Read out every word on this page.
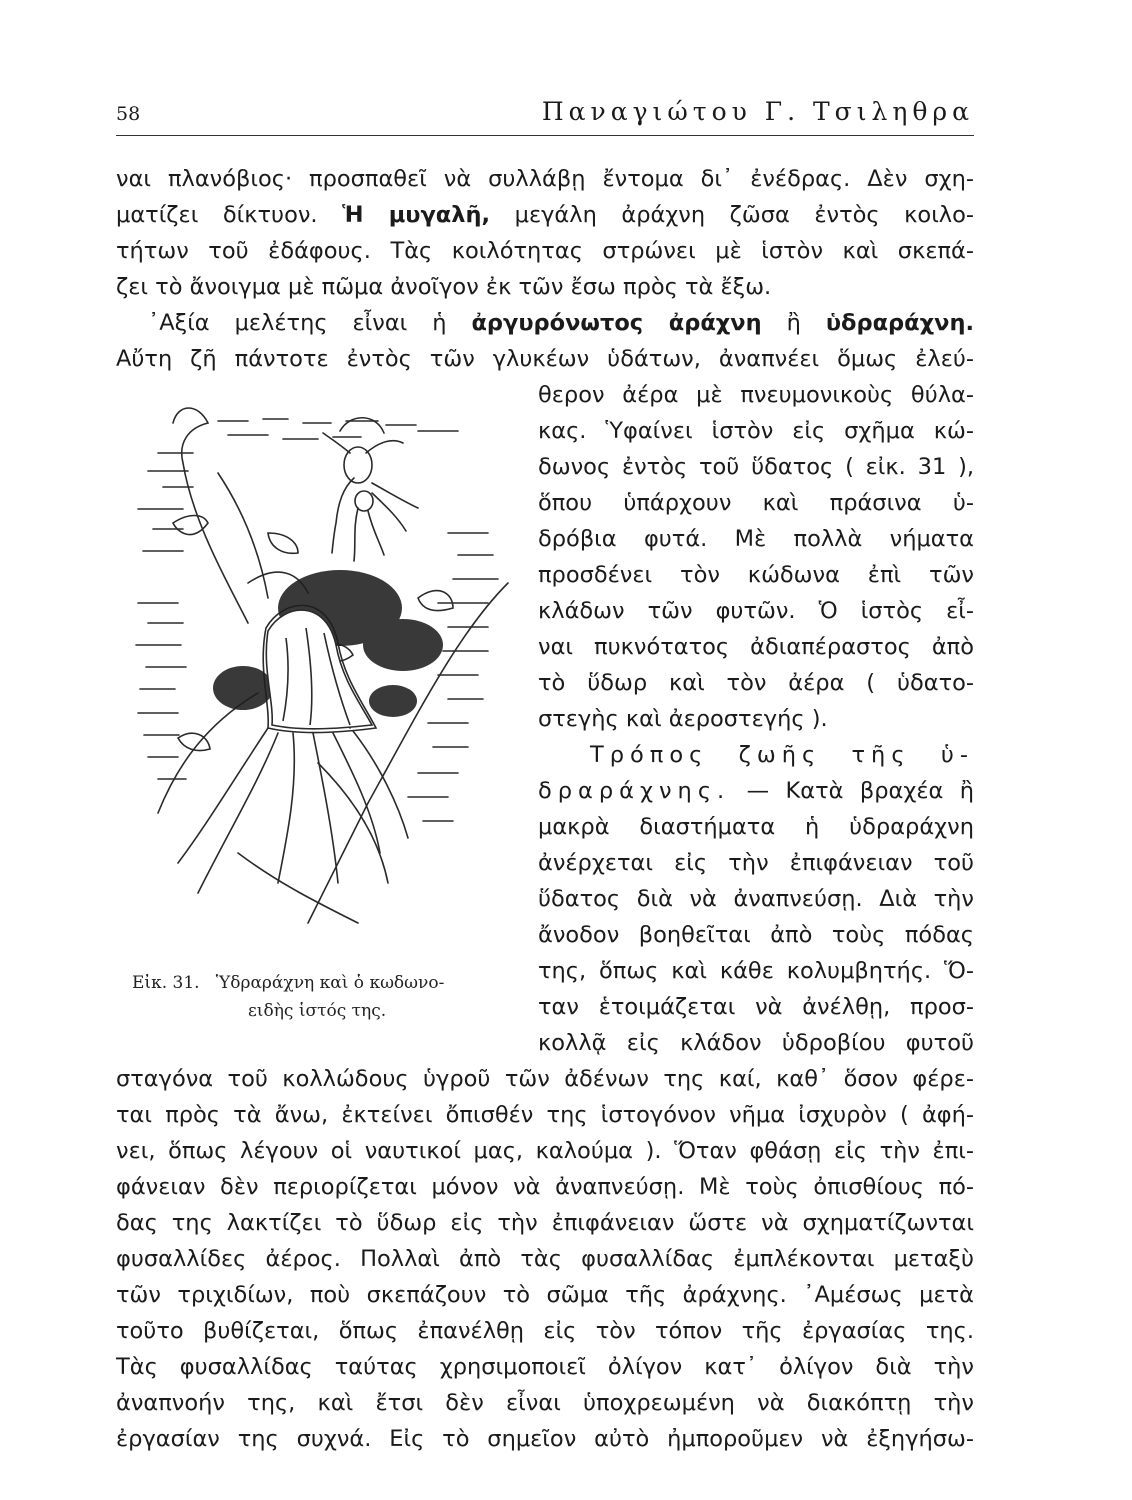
58	Παναγιώτου Γ. Τσιληθρα
ναι πλανόβιος· προσπαθεῖ νὰ συλλάβῃ ἔντομα δι᾽ ἐνέδρας. Δὲν σχη-
ματίζει δίκτυον. Ἡ μυγαλῆ, μεγάλη ἀράχνη ζῶσα ἐντὸς κοιλο-
τήτων τοῦ ἐδάφους. Τὰς κοιλότητας στρώνει μὲ ἱστὸν καὶ σκεπά-
ζει τὸ ἄνοιγμα μὲ πῶμα ἀνοῖγον ἐκ τῶν ἔσω πρὸς τὰ ἔξω.
᾽Αξία μελέτης εἶναι ἡ ἀργυρόνωτος ἀράχνη ἢ ὑδραράχνη.
Αὔτη ζῆ πάντοτε ἐντὸς τῶν γλυκέων ὑδάτων, ἀναπνέει ὅμως ἐλεύ-
θερον ἀέρα μὲ πνευμονικοὺς θύλα-
κας. Ὑφαίνει ἱστὸν εἰς σχῆμα κώ-
δωνος ἐντὸς τοῦ ὕδατος ( εἰκ. 31 ),
ὅπου ὑπάρχουν καὶ πράσινα ὑ-
δρόβια φυτά. Μὲ πολλὰ νήματα
προσδένει τὸν κώδωνα ἐπὶ τῶν
κλάδων τῶν φυτῶν. Ὁ ἱστὸς εἶ-
ναι πυκνότατος ἀδιαπέραστος ἀπὸ
τὸ ὕδωρ καὶ τὸν ἀέρα ( ὑδατο-
στεγὴς καὶ ἀεροστεγής ).
Τρόπος ζωῆς τῆς ὑ-
δραράχνης. — Κατὰ βραχέα ἢ
μακρὰ διαστήματα ἡ ὑδραράχνη
ἀνέρχεται εἰς τὴν ἐπιφάνειαν τοῦ
ὕδατος διὰ νὰ ἀναπνεύσῃ. Διὰ τὴν
ἄνοδον βοηθεῖται ἀπὸ τοὺς πόδας
της, ὅπως καὶ κάθε κολυμβητής. Ὅ-
ταν ἑτοιμάζεται νὰ ἀνέλθῃ, προσ-
κολλᾷ εἰς κλάδον ὑδροβίου φυτοῦ
σταγόνα τοῦ κολλώδους ὑγροῦ τῶν ἀδένων της καί, καθ᾽ ὅσον φέρε-
ται πρὸς τὰ ἄνω, ἐκτείνει ὄπισθέν της ἱστογόνον νῆμα ἰσχυρὸν ( ἀφή-
νει, ὅπως λέγουν οἱ ναυτικοί μας, καλούμα ). Ὅταν φθάσῃ εἰς τὴν ἐπι-
φάνειαν δὲν περιορίζεται μόνον νὰ ἀναπνεύσῃ. Μὲ τοὺς ὀπισθίους πό-
δας της λακτίζει τὸ ὕδωρ εἰς τὴν ἐπιφάνειαν ὥστε νὰ σχηματίζωνται
φυσαλλίδες ἀέρος. Πολλαὶ ἀπὸ τὰς φυσαλλίδας ἐμπλέκονται μεταξὺ
τῶν τριχιδίων, ποὺ σκεπάζουν τὸ σῶμα τῆς ἀράχνης. ᾽Αμέσως μετὰ
τοῦτο βυθίζεται, ὅπως ἐπανέλθῃ εἰς τὸν τόπον τῆς ἐργασίας της.
Τὰς φυσαλλίδας ταύτας χρησιμοποιεῖ ὀλίγον κατ᾽ ὀλίγον διὰ τὴν
ἀναπνοήν της, καὶ ἔτσι δὲν εἶναι ὑποχρεωμένη νὰ διακόπτῃ τὴν
ἐργασίαν της συχνά. Εἰς τὸ σημεῖον αὐτὸ ἠμποροῦμεν νὰ ἐξηγήσω-
Εἰκ. 31. Ὑδραράχνη καὶ ὁ κωδωνο-
ειδὴς ἱστός της.
